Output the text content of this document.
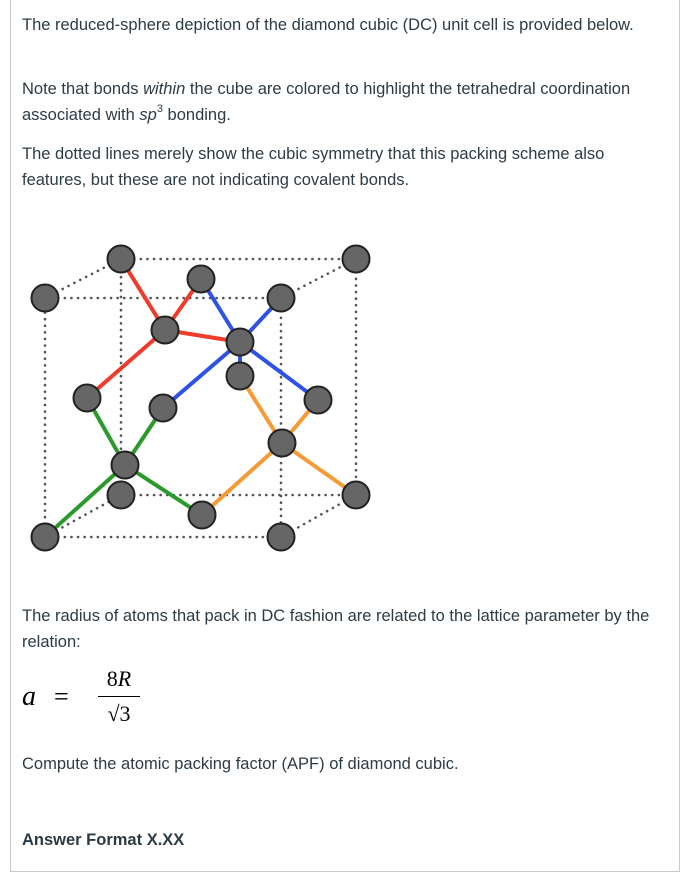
The reduced-sphere depiction of the diamond cubic (DC) unit cell is provided below.

Note that bonds within the cube are colored to highlight the tetrahedral coordination associated with $sp^3$ bonding.

The dotted lines merely show the cubic symmetry that this packing scheme also features, but these are not indicating covalent bonds.

The radius of atoms that pack in DC fashion are related to the lattice parameter by the relation:

a =
8R
√3

Compute the atomic packing factor (APF) of diamond cubic.

Answer Format X.XX
